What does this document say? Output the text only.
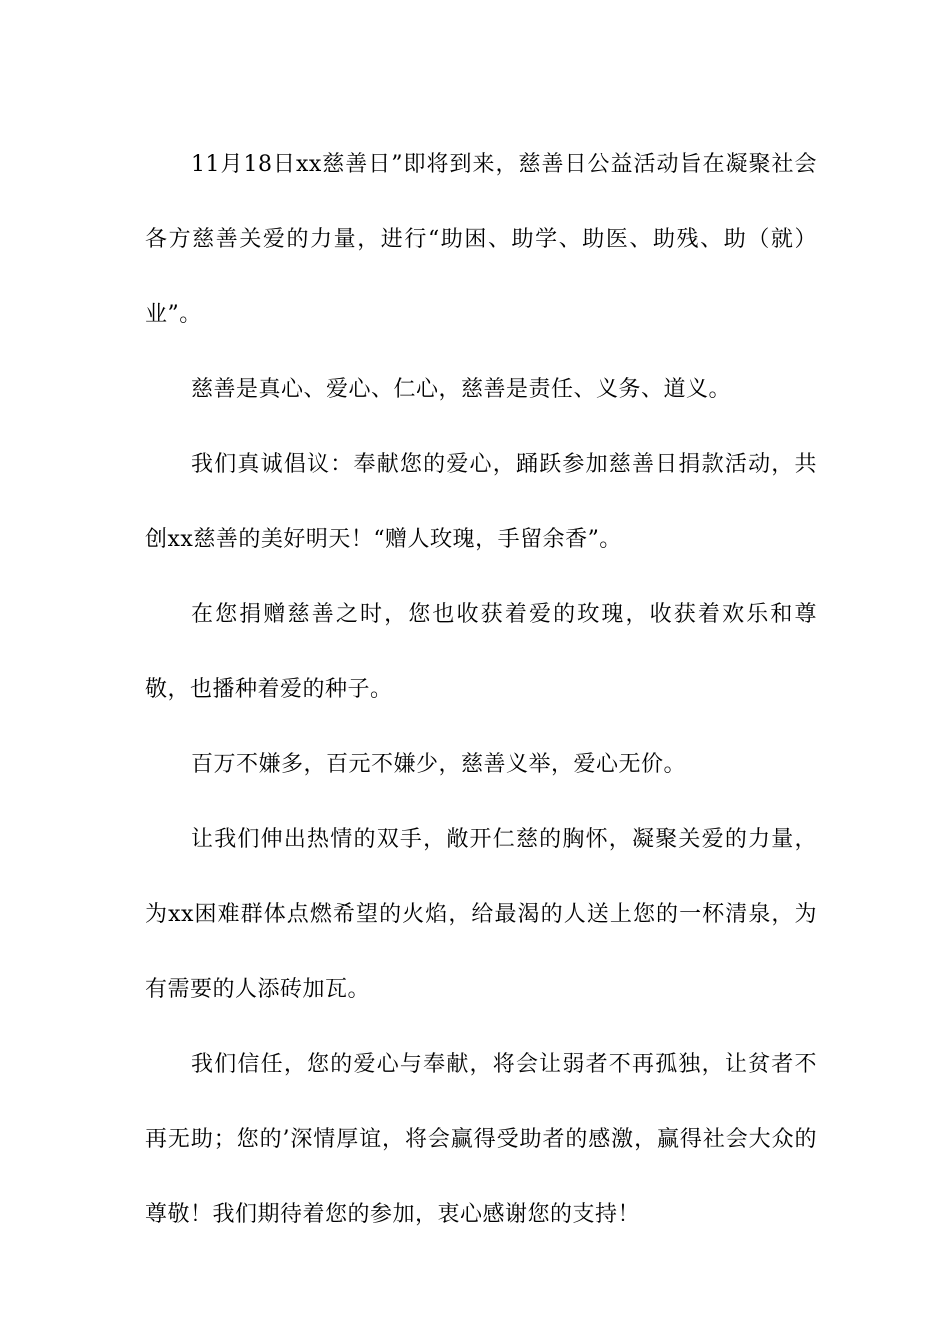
11月18日xx慈善日”即将到来，慈善日公益活动旨在凝聚社会各方慈善关爱的力量，进行“助困、助学、助医、助残、助（就）业”。

慈善是真心、爱心、仁心，慈善是责任、义务、道义。

我们真诚倡议：奉献您的爱心，踊跃参加慈善日捐款活动，共创xx慈善的美好明天！“赠人玫瑰，手留余香”。

在您捐赠慈善之时，您也收获着爱的玫瑰，收获着欢乐和尊敬，也播种着爱的种子。

百万不嫌多，百元不嫌少，慈善义举，爱心无价。

让我们伸出热情的双手，敞开仁慈的胸怀，凝聚关爱的力量，为xx困难群体点燃希望的火焰，给最渴的人送上您的一杯清泉，为有需要的人添砖加瓦。

我们信任，您的爱心与奉献，将会让弱者不再孤独，让贫者不再无助；您的’深情厚谊，将会赢得受助者的感激，赢得社会大众的尊敬！我们期待着您的参加，衷心感谢您的支持！
